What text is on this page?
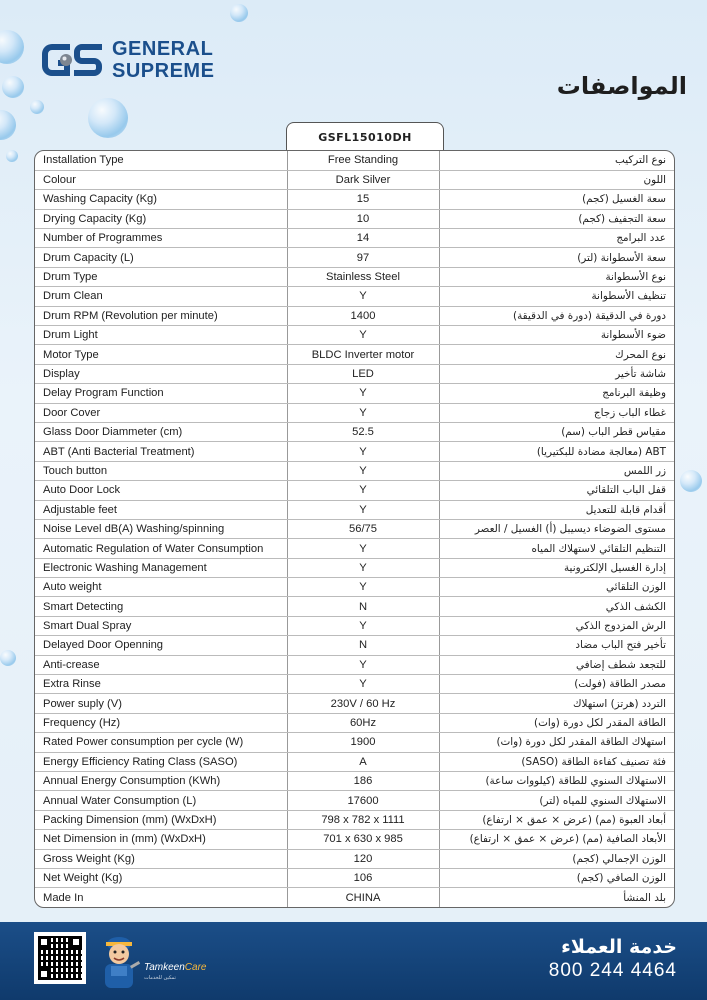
GENERAL
SUPREME
المواصفات
GSFL15010DH
Installation Type	Free Standing	نوع التركيب
Colour	Dark Silver	اللون
Washing Capacity (Kg)	15	سعة الغسيل (كجم)
Drying Capacity (Kg)	10	سعة التجفيف (كجم)
Number of Programmes	14	عدد البرامج
Drum Capacity (L)	97	سعة الأسطوانة (لتر)
Drum Type	Stainless Steel	نوع الأسطوانة
Drum Clean	Y	تنظيف الأسطوانة
Drum RPM (Revolution per minute)	1400	دورة في الدقيقة (دورة في الدقيقة)
Drum Light	Y	ضوء الأسطوانة
Motor Type	BLDC Inverter motor	نوع المحرك
Display	LED	شاشة تأخير
Delay Program Function	Y	وظيفة البرنامج
Door Cover	Y	غطاء الباب زجاج
Glass Door Diammeter (cm)	52.5	مقياس قطر الباب (سم)
ABT (Anti Bacterial Treatment)	Y	ABT (معالجة مضادة للبكتيريا)
Touch button	Y	زر اللمس
Auto Door Lock	Y	قفل الباب التلقائي
Adjustable feet	Y	أقدام قابلة للتعديل
Noise Level dB(A) Washing/spinning	56/75	مستوى الضوضاء ديسيبل (أ) الغسيل / العصر
Automatic Regulation of Water Consumption	Y	التنظيم التلقائي لاستهلاك المياه
Electronic Washing Management	Y	إدارة الغسيل الإلكترونية
Auto weight	Y	الوزن التلقائي
Smart Detecting	N	الكشف الذكي
Smart Dual Spray	Y	الرش المزدوج الذكي
Delayed Door Openning	N	تأخير فتح الباب مضاد
Anti-crease	Y	للتجعد شطف إضافي
Extra Rinse	Y	مصدر الطاقة (فولت)
Power suply (V)	230V / 60 Hz	التردد (هرتز) استهلاك
Frequency (Hz)	60Hz	الطاقة المقدر لكل دورة (وات)
Rated Power consumption per cycle (W)	1900	استهلاك الطاقة المقدر لكل دورة (وات)
Energy Efficiency Rating Class (SASO)	A	فئة تصنيف كفاءة الطاقة (SASO)
Annual Energy Consumption (KWh)	186	الاستهلاك السنوي للطاقة (كيلووات ساعة)
Annual Water Consumption (L)	17600	الاستهلاك السنوي للمياه (لتر)
Packing Dimension (mm) (WxDxH)	798 x 782 x 1111	أبعاد العبوة (مم) (عرض × عمق × ارتفاع)
Net Dimension in (mm) (WxDxH)	701 x 630 x 985	الأبعاد الصافية (مم) (عرض × عمق × ارتفاع)
Gross Weight (Kg)	120	الوزن الإجمالي (كجم)
Net Weight (Kg)	106	الوزن الصافي (كجم)
Made In	CHINA	بلد المنشأ
TamkeenCare
تمكين للخدمات
خدمة العملاء
800 244 4464
